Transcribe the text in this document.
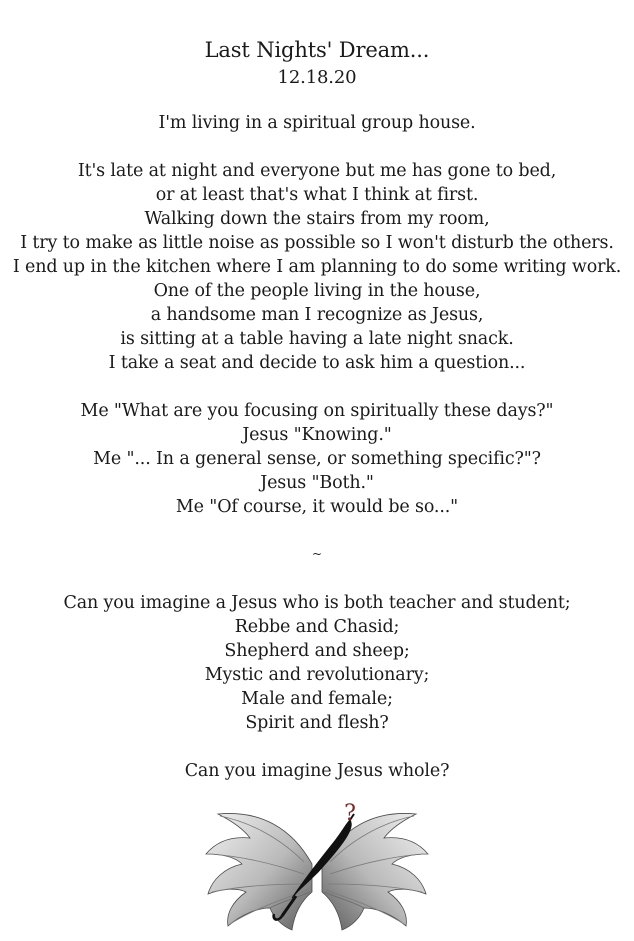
Last Nights' Dream...
12.18.20
I'm living in a spiritual group house.
It's late at night and everyone but me has gone to bed,
or at least that's what I think at first.
Walking down the stairs from my room,
I try to make as little noise as possible so I won't disturb the others.
I end up in the kitchen where I am planning to do some writing work.
One of the people living in the house,
a handsome man I recognize as Jesus,
is sitting at a table having a late night snack.
I take a seat and decide to ask him a question...
Me "What are you focusing on spiritually these days?"
Jesus "Knowing."
Me "... In a general sense, or something specific?"?
Jesus "Both."
Me "Of course, it would be so..."
~
Can you imagine a Jesus who is both teacher and student;
Rebbe and Chasid;
Shepherd and sheep;
Mystic and revolutionary;
Male and female;
Spirit and flesh?
Can you imagine Jesus whole?
?
